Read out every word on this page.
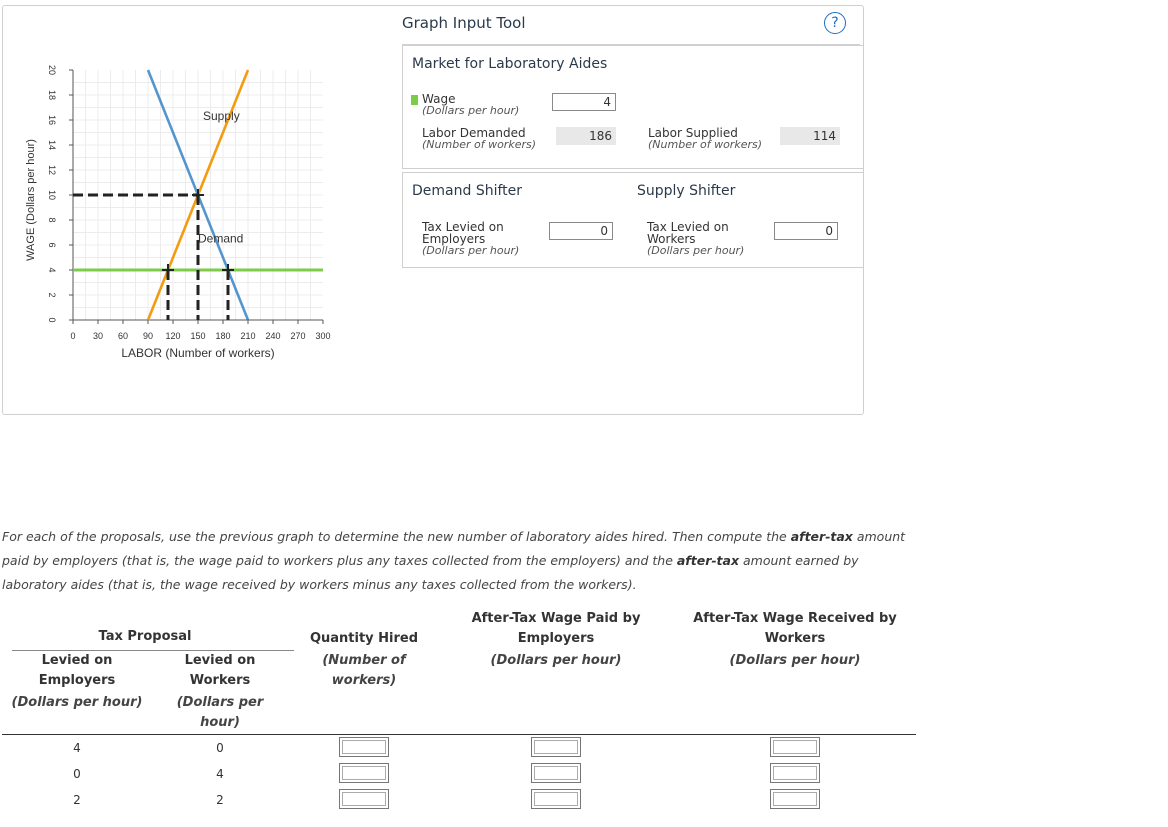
0 30 60 90 120 150 180 210 240 270 300
0
2
4
6
8
10
12
14
16
18
20
Supply
Demand
LABOR (Number of workers)
WAGE (Dollars per hour)
Graph Input Tool	?
Market for Laboratory Aides
Wage
(Dollars per hour)
4
Labor Demanded
(Number of workers)
186	Labor Supplied
(Number of workers)
114
Demand Shifter
Tax Levied on
Employers
(Dollars per hour)
0
Supply Shifter
Tax Levied on
Workers
(Dollars per hour)
0
For each of the proposals, use the previous graph to determine the new number of laboratory aides hired. Then compute the after-tax amount paid by employers (that is, the wage paid to workers plus any taxes collected from the employers) and the after-tax amount earned by laboratory aides (that is, the wage received by workers minus any taxes collected from the workers).
Tax Proposal
Levied on
Employers
(Dollars per hour)
Levied on
Workers
(Dollars per
hour)
Quantity Hired
(Number of
workers)
After-Tax Wage Paid by
Employers
(Dollars per hour)
After-Tax Wage Received by
Workers
(Dollars per hour)
4	0
0	4
2	2
